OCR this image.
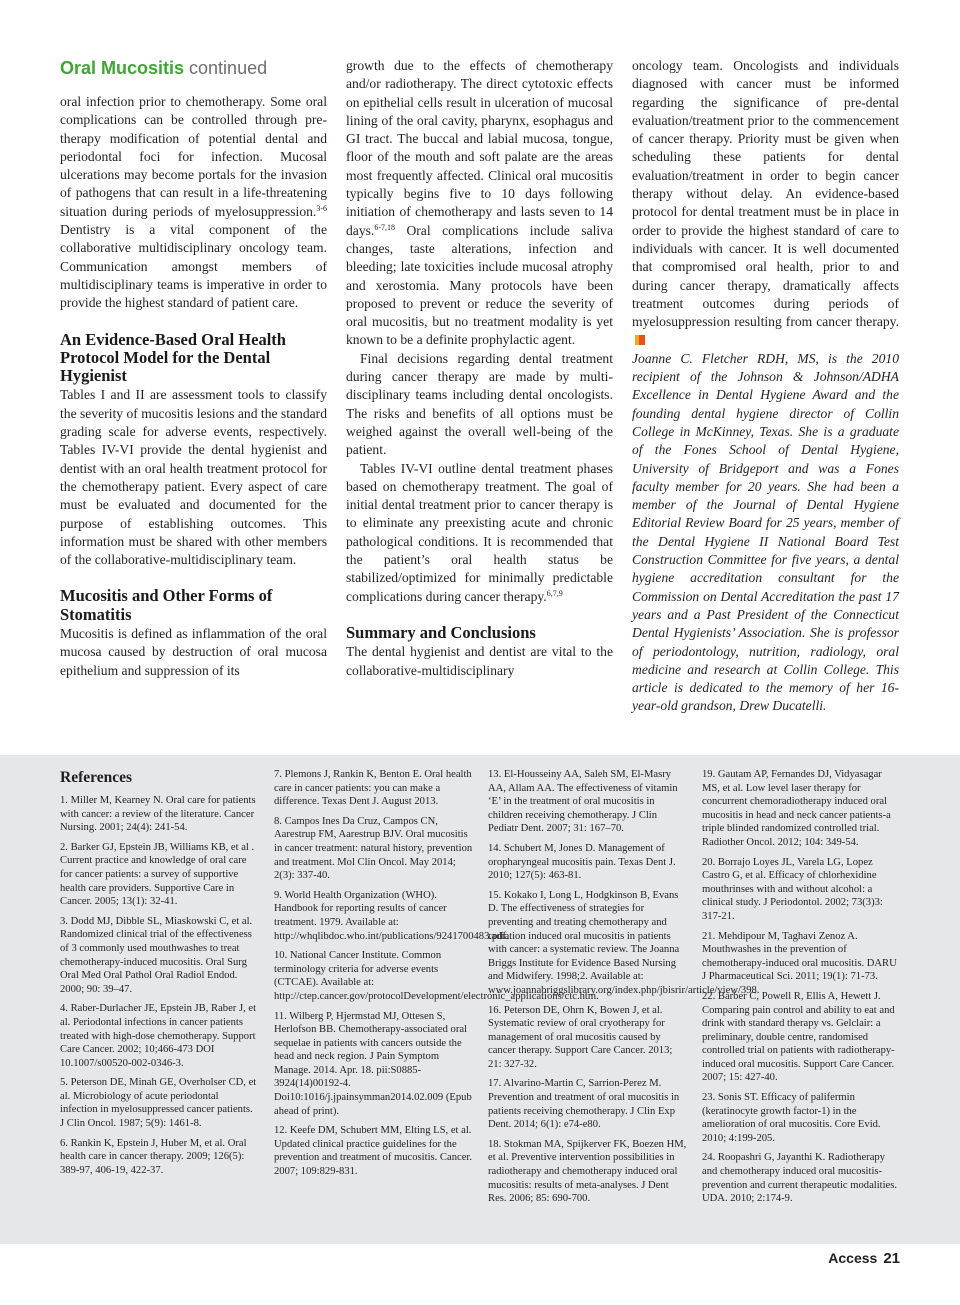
Oral Mucositis continued

oral infection prior to chemotherapy. Some oral complications can be controlled through pre-therapy modification of potential dental and periodontal foci for infection. Mucosal ulcerations may become portals for the invasion of pathogens that can result in a life-threatening situation during periods of myelosuppression.$^{3-6}$ Dentistry is a vital component of the collaborative multidisciplinary oncology team. Communication amongst members of multidisciplinary teams is imperative in order to provide the highest standard of patient care.

An Evidence-Based Oral Health Protocol Model for the Dental Hygienist

Tables I and II are assessment tools to classify the severity of mucositis lesions and the standard grading scale for adverse events, respectively. Tables IV-VI provide the dental hygienist and dentist with an oral health treatment protocol for the chemotherapy patient. Every aspect of care must be evaluated and documented for the purpose of establishing outcomes. This information must be shared with other members of the collaborative-multidisciplinary team.

Mucositis and Other Forms of Stomatitis

Mucositis is defined as inflammation of the oral mucosa caused by destruction of oral mucosa epithelium and suppression of its

growth due to the effects of chemotherapy and/or radiotherapy. The direct cytotoxic effects on epithelial cells result in ulceration of mucosal lining of the oral cavity, pharynx, esophagus and GI tract. The buccal and labial mucosa, tongue, floor of the mouth and soft palate are the areas most frequently affected. Clinical oral mucositis typically begins five to 10 days following initiation of chemotherapy and lasts seven to 14 days.$^{6-7,18}$ Oral complications include saliva changes, taste alterations, infection and bleeding; late toxicities include mucosal atrophy and xerostomia. Many protocols have been proposed to prevent or reduce the severity of oral mucositis, but no treatment modality is yet known to be a definite prophylactic agent.

Final decisions regarding dental treatment during cancer therapy are made by multi-disciplinary teams including dental oncologists. The risks and benefits of all options must be weighed against the overall well-being of the patient.

Tables IV-VI outline dental treatment phases based on chemotherapy treatment. The goal of initial dental treatment prior to cancer therapy is to eliminate any preexisting acute and chronic pathological conditions. It is recommended that the patient’s oral health status be stabilized/optimized for minimally predictable complications during cancer therapy.$^{6,7,9}$

Summary and Conclusions

The dental hygienist and dentist are vital to the collaborative-multidisciplinary

oncology team. Oncologists and individuals diagnosed with cancer must be informed regarding the significance of pre-dental evaluation/treatment prior to the commencement of cancer therapy. Priority must be given when scheduling these patients for dental evaluation/treatment in order to begin cancer therapy without delay. An evidence-based protocol for dental treatment must be in place in order to provide the highest standard of care to individuals with cancer. It is well documented that compromised oral health, prior to and during cancer therapy, dramatically affects treatment outcomes during periods of myelosuppression resulting from cancer therapy.

Joanne C. Fletcher RDH, MS, is the 2010 recipient of the Johnson & Johnson/ADHA Excellence in Dental Hygiene Award and the founding dental hygiene director of Collin College in McKinney, Texas. She is a graduate of the Fones School of Dental Hygiene, University of Bridgeport and was a Fones faculty member for 20 years. She had been a member of the Journal of Dental Hygiene Editorial Review Board for 25 years, member of the Dental Hygiene II National Board Test Construction Committee for five years, a dental hygiene accreditation consultant for the Commission on Dental Accreditation the past 17 years and a Past President of the Connecticut Dental Hygienists’ Association. She is professor of periodontology, nutrition, radiology, oral medicine and research at Collin College. This article is dedicated to the memory of her 16-year-old grandson, Drew Ducatelli.

References

1. Miller M, Kearney N. Oral care for patients with cancer: a review of the literature. Cancer Nursing. 2001; 24(4): 241-54.

2. Barker GJ, Epstein JB, Williams KB, et al . Current practice and knowledge of oral care for cancer patients: a survey of supportive health care providers. Supportive Care in Cancer. 2005; 13(1): 32-41.

3. Dodd MJ, Dibble SL, Miaskowski C, et al. Randomized clinical trial of the effectiveness of 3 commonly used mouthwashes to treat chemotherapy-induced mucositis. Oral Surg Oral Med Oral Pathol Oral Radiol Endod. 2000; 90: 39–47.

4. Raber-Durlacher JE, Epstein JB, Raber J, et al. Periodontal infections in cancer patients treated with high-dose chemotherapy. Support Care Cancer. 2002; 10;466-473 DOI 10.1007/s00520-002-0346-3.

5. Peterson DE, Minah GE, Overholser CD, et al. Microbiology of acute periodontal infection in myelosuppressed cancer patients. J Clin Oncol. 1987; 5(9): 1461-8.

6. Rankin K, Epstein J, Huber M, et al. Oral health care in cancer therapy. 2009; 126(5): 389-97, 406-19, 422-37.

7. Plemons J, Rankin K, Benton E. Oral health care in cancer patients: you can make a difference. Texas Dent J. August 2013.

8. Campos Ines Da Cruz, Campos CN, Aarestrup FM, Aarestrup BJV. Oral mucositis in cancer treatment: natural history, prevention and treatment. Mol Clin Oncol. May 2014; 2(3): 337-40.

9. World Health Organization (WHO). Handbook for reporting results of cancer treatment. 1979. Available at: http://whqlibdoc.who.int/publications/9241700483.pdf.

10. National Cancer Institute. Common terminology criteria for adverse events (CTCAE). Available at: http://ctep.cancer.gov/protocolDevelopment/electronic_applications/ctc.htm.

11. Wilberg P, Hjermstad MJ, Ottesen S, Herlofson BB. Chemotherapy-associated oral sequelae in patients with cancers outside the head and neck region. J Pain Symptom Manage. 2014. Apr. 18. pii:S0885-3924(14)00192-4. Doi10:1016/j.jpainsymman2014.02.009 (Epub ahead of print).

12. Keefe DM, Schubert MM, Elting LS, et al. Updated clinical practice guidelines for the prevention and treatment of mucositis. Cancer. 2007; 109:829-831.

13. El-Housseiny AA, Saleh SM, El-Masry AA, Allam AA. The effectiveness of vitamin ‘E’ in the treatment of oral mucositis in children receiving chemotherapy. J Clin Pediatr Dent. 2007; 31: 167–70.

14. Schubert M, Jones D. Management of oropharyngeal mucositis pain. Texas Dent J. 2010; 127(5): 463-81.

15. Kokako I, Long L, Hodgkinson B, Evans D. The effectiveness of strategies for preventing and treating chemotherapy and radiation induced oral mucositis in patients with cancer: a systematic review. The Joanna Briggs Institute for Evidence Based Nursing and Midwifery. 1998;2. Available at: www.joannabriggslibrary.org/index.php/jbisrir/article/view/398.

16. Peterson DE, Ohrn K, Bowen J, et al. Systematic review of oral cryotherapy for management of oral mucositis caused by cancer therapy. Support Care Cancer. 2013; 21: 327-32.

17. Alvarino-Martin C, Sarrion-Perez M. Prevention and treatment of oral mucositis in patients receiving chemotherapy. J Clin Exp Dent. 2014; 6(1): e74-e80.

18. Stokman MA, Spijkerver FK, Boezen HM, et al. Preventive intervention possibilities in radiotherapy and chemotherapy induced oral mucositis: results of meta-analyses. J Dent Res. 2006; 85: 690-700.

19. Gautam AP, Fernandes DJ, Vidyasagar MS, et al. Low level laser therapy for concurrent chemoradiotherapy induced oral mucositis in head and neck cancer patients-a triple blinded randomized controlled trial. Radiother Oncol. 2012; 104: 349-54.

20. Borrajo Loyes JL, Varela LG, Lopez Castro G, et al. Efficacy of chlorhexidine mouthrinses with and without alcohol: a clinical study. J Periodontol. 2002; 73(3)3: 317-21.

21. Mehdipour M, Taghavi Zenoz A. Mouthwashes in the prevention of chemotherapy-induced oral mucositis. DARU J Pharmaceutical Sci. 2011; 19(1): 71-73.

22. Barber C, Powell R, Ellis A, Hewett J. Comparing pain control and ability to eat and drink with standard therapy vs. Gelclair: a preliminary, double centre, randomised controlled trial on patients with radiotherapy-induced oral mucositis. Support Care Cancer. 2007; 15: 427-40.

23. Sonis ST. Efficacy of palifermin (keratinocyte growth factor-1) in the amelioration of oral mucositis. Core Evid. 2010; 4:199-205.

24. Roopashri G, Jayanthi K. Radiotherapy and chemotherapy induced oral mucositis-prevention and current therapeutic modalities. UDA. 2010; 2:174-9.

Access 21
